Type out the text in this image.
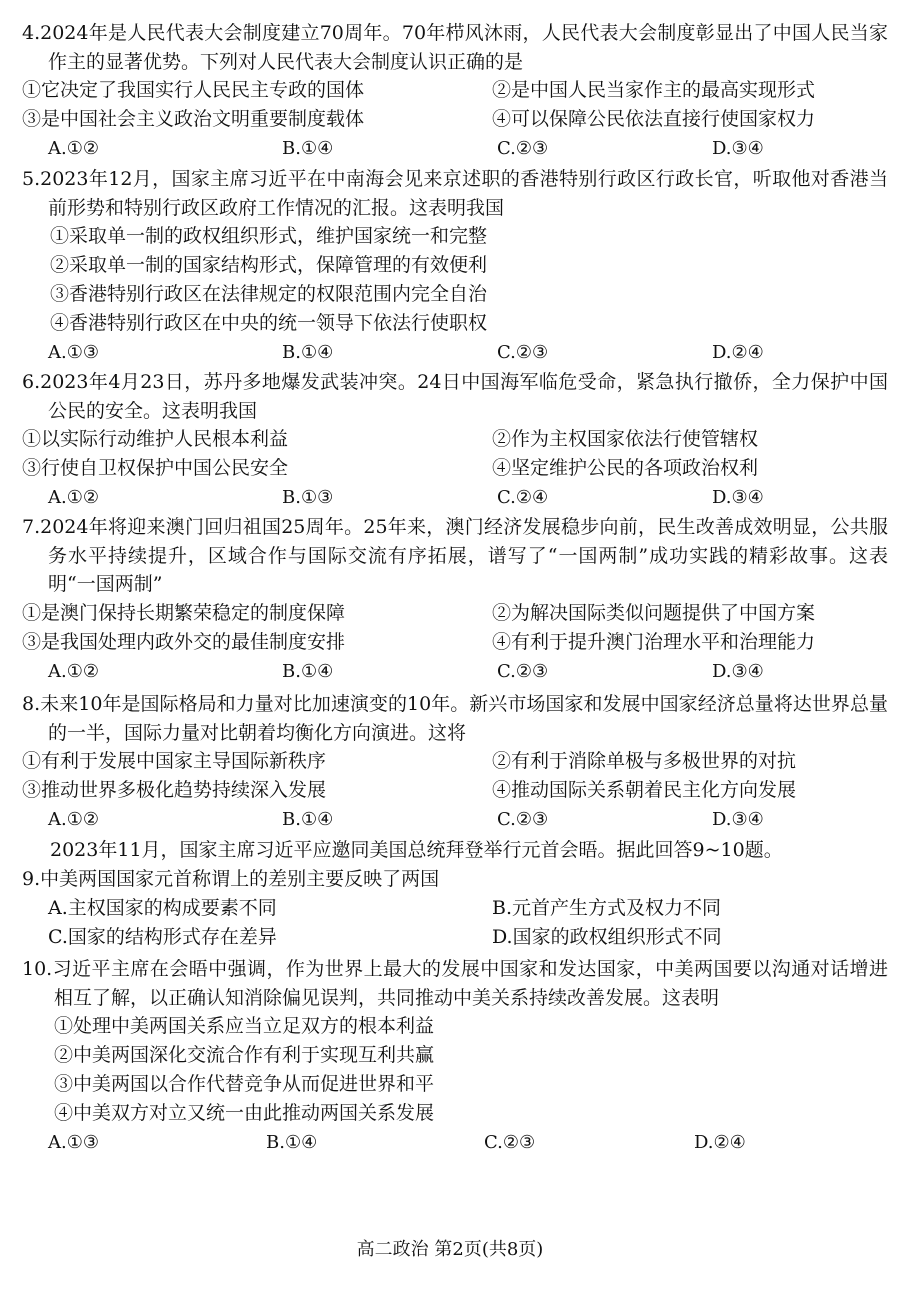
4.2024年是人民代表大会制度建立70周年。70年栉风沐雨，人民代表大会制度彰显出了中国人民当家作主的显著优势。下列对人民代表大会制度认识正确的是

①它决定了我国实行人民民主专政的国体	②是中国人民当家作主的最高实现形式
③是中国社会主义政治文明重要制度载体	④可以保障公民依法直接行使国家权力
A.①②	B.①④	C.②③	D.③④

5.2023年12月，国家主席习近平在中南海会见来京述职的香港特别行政区行政长官，听取他对香港当前形势和特别行政区政府工作情况的汇报。这表明我国

①采取单一制的政权组织形式，维护国家统一和完整
②采取单一制的国家结构形式，保障管理的有效便利
③香港特别行政区在法律规定的权限范围内完全自治
④香港特别行政区在中央的统一领导下依法行使职权
A.①③	B.①④	C.②③	D.②④

6.2023年4月23日，苏丹多地爆发武装冲突。24日中国海军临危受命，紧急执行撤侨，全力保护中国公民的安全。这表明我国

①以实际行动维护人民根本利益	②作为主权国家依法行使管辖权
③行使自卫权保护中国公民安全	④坚定维护公民的各项政治权利
A.①②	B.①③	C.②④	D.③④

7.2024年将迎来澳门回归祖国25周年。25年来，澳门经济发展稳步向前，民生改善成效明显，公共服务水平持续提升，区域合作与国际交流有序拓展，谱写了“一国两制”成功实践的精彩故事。这表明“一国两制”

①是澳门保持长期繁荣稳定的制度保障	②为解决国际类似问题提供了中国方案
③是我国处理内政外交的最佳制度安排	④有利于提升澳门治理水平和治理能力
A.①②	B.①④	C.②③	D.③④

8.未来10年是国际格局和力量对比加速演变的10年。新兴市场国家和发展中国家经济总量将达世界总量的一半，国际力量对比朝着均衡化方向演进。这将

①有利于发展中国家主导国际新秩序	②有利于消除单极与多极世界的对抗
③推动世界多极化趋势持续深入发展	④推动国际关系朝着民主化方向发展
A.①②	B.①④	C.②③	D.③④

2023年11月，国家主席习近平应邀同美国总统拜登举行元首会晤。据此回答9~10题。

9.中美两国国家元首称谓上的差别主要反映了两国

A.主权国家的构成要素不同	B.元首产生方式及权力不同
C.国家的结构形式存在差异	D.国家的政权组织形式不同

10.习近平主席在会晤中强调，作为世界上最大的发展中国家和发达国家，中美两国要以沟通对话增进相互了解，以正确认知消除偏见误判，共同推动中美关系持续改善发展。这表明

①处理中美两国关系应当立足双方的根本利益
②中美两国深化交流合作有利于实现互利共赢
③中美两国以合作代替竞争从而促进世界和平
④中美双方对立又统一由此推动两国关系发展
A.①③	B.①④	C.②③	D.②④
高二政治 第2页(共8页)
